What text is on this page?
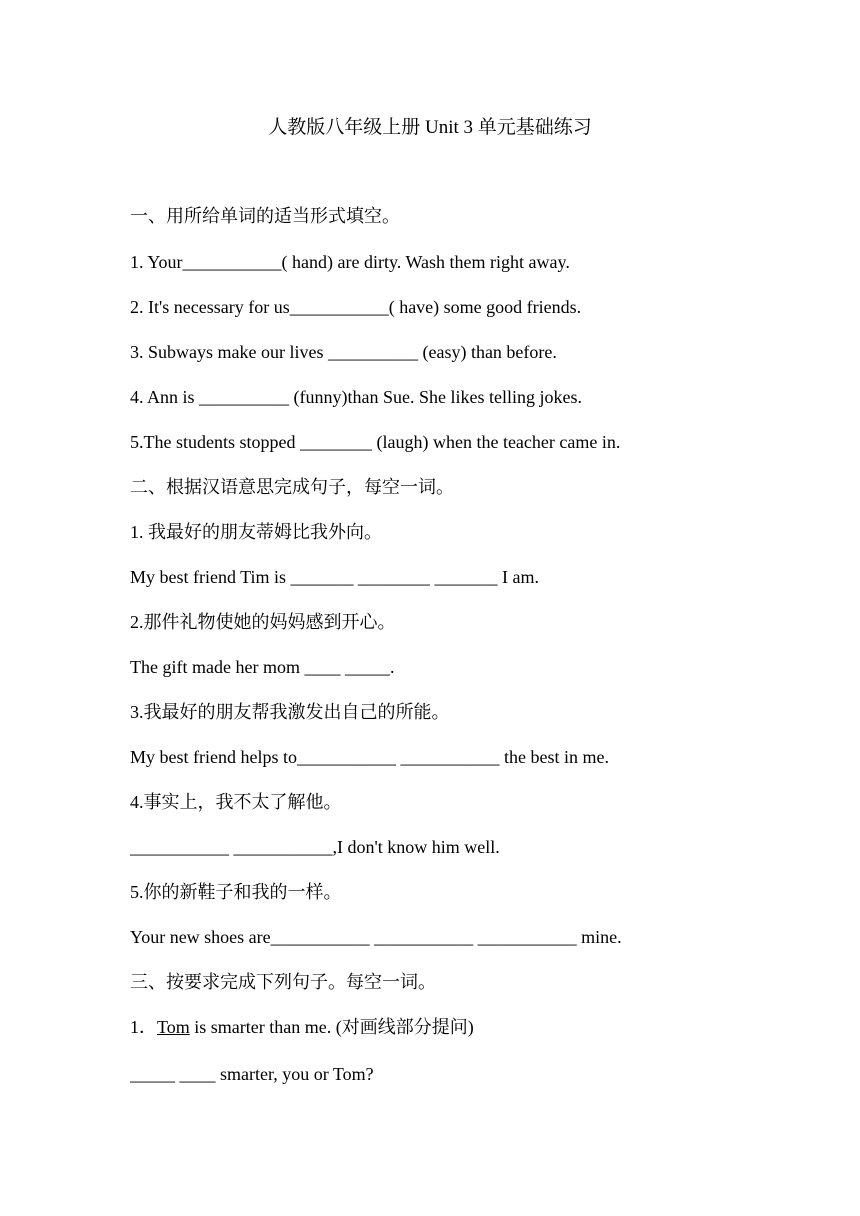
人教版八年级上册 Unit 3 单元基础练习
一、用所给单词的适当形式填空。
1. Your___________( hand) are dirty. Wash them right away.
2. It's necessary for us___________( have) some good friends.
3. Subways make our lives __________ (easy) than before.
4. Ann is __________ (funny)than Sue. She likes telling jokes.
5.The students stopped ________ (laugh) when the teacher came in.
二、根据汉语意思完成句子，每空一词。
1. 我最好的朋友蒂姆比我外向。
My best friend Tim is _______ ________ _______ I am.
2.那件礼物使她的妈妈感到开心。
The gift made her mom ____ _____.
3.我最好的朋友帮我激发出自己的所能。
My best friend helps to___________ ___________ the best in me.
4.事实上，我不太了解他。
___________ ___________,I don't know him well.
5.你的新鞋子和我的一样。
Your new shoes are___________ ___________ ___________ mine.
三、按要求完成下列句子。每空一词。
1．Tom is smarter than me. (对画线部分提问)
_____ ____ smarter, you or Tom?
